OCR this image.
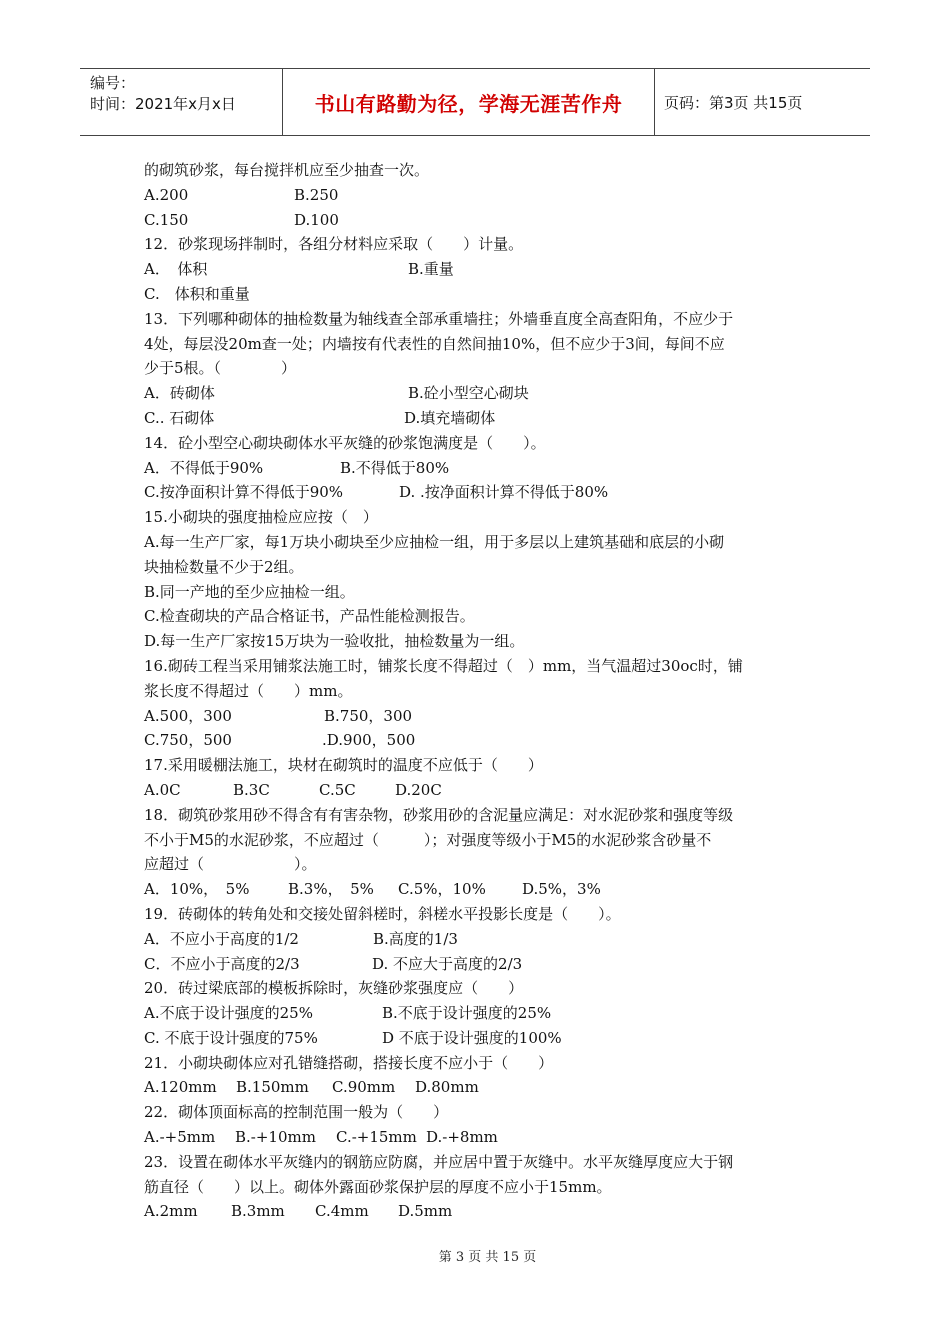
编号：
时间：2021年x月x日	书山有路勤为径，学海无涯苦作舟	页码：第3页 共15页
的砌筑砂浆，每台搅拌机应至少抽查一次。
A.200	B.250
C.150	D.100
12．砂浆现场拌制时，各组分材料应采取（　　）计量。
A．　体积	B.重量
C.　体积和重量
13．下列哪种砌体的抽检数量为轴线查全部承重墙拄；外墙垂直度全高查阳角，不应少于
4处，每层没20m查一处；内墙按有代表性的自然间抽10%，但不应少于3间，每间不应
少于5根。（　　　　）
A．砖砌体	B.砼小型空心砌块
C.. 石砌体	D.填充墙砌体
14．砼小型空心砌块砌体水平灰缝的砂浆饱满度是（　　）。
A．不得低于90%	B.不得低于80%
C.按净面积计算不得低于90%	D. .按净面积计算不得低于80%
15.小砌块的强度抽检应应按（　）
A.每一生产厂家，每1万块小砌块至少应抽检一组，用于多层以上建筑基础和底层的小砌
块抽检数量不少于2组。
B.同一产地的至少应抽检一组。
C.检查砌块的产品合格证书，产品性能检测报告。
D.每一生产厂家按15万块为一验收批，抽检数量为一组。
16.砌砖工程当采用铺浆法施工时，铺浆长度不得超过（　）mm，当气温超过30oc时，铺
浆长度不得超过（　　）mm。
A.500，300	B.750，300
C.750，500	.D.900，500
17.采用暖棚法施工，块材在砌筑时的温度不应低于（　　）
A.0C	B.3C	C.5C	D.20C
18．砌筑砂浆用砂不得含有有害杂物，砂浆用砂的含泥量应满足：对水泥砂浆和强度等级
不小于M5的水泥砂浆，不应超过（　　　）；对强度等级小于M5的水泥砂浆含砂量不
应超过（　　　　　　）。
A．10%，　5%	B.3%，　5% C.5%，10% D.5%，3%
19．砖砌体的转角处和交接处留斜槎时，斜槎水平投影长度是（　　）。
A．不应小于高度的1/2	B.高度的1/3
C．不应小于高度的2/3	D. 不应大于高度的2/3
20．砖过梁底部的模板拆除时，灰缝砂浆强度应（　　）
A.不底于设计强度的25%	B.不底于设计强度的25%
C. 不底于设计强度的75%	D 不底于设计强度的100%
21．小砌块砌体应对孔错缝搭砌，搭接长度不应小于（　　）
A.120mm B.150mm C.90mm D.80mm
22．砌体顶面标高的控制范围一般为（　　）
A.-+5mm B.-+10mm C.-+15mm D.-+8mm
23．设置在砌体水平灰缝内的钢筋应防腐，并应居中置于灰缝中。水平灰缝厚度应大于钢
筋直径（　　）以上。砌体外露面砂浆保护层的厚度不应小于15mm。
A.2mm B.3mm C.4mm D.5mm
第 3 页 共 15 页
